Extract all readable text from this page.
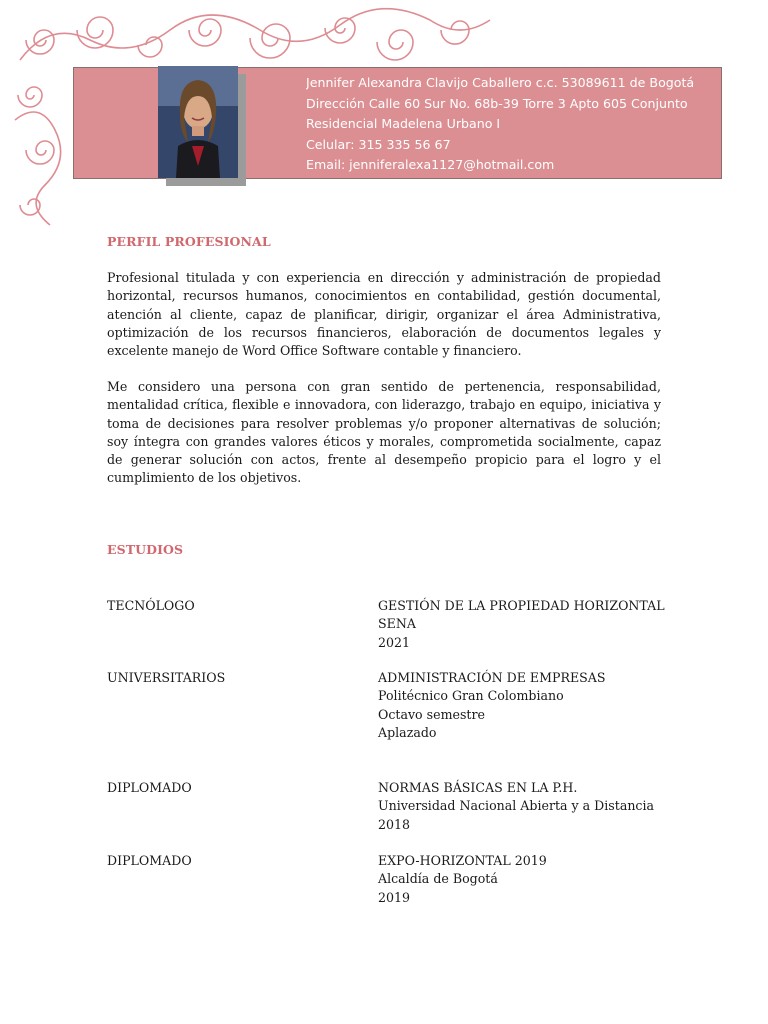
Jennifer Alexandra Clavijo Caballero c.c. 53089611 de Bogotá
Dirección Calle 60 Sur No. 68b-39 Torre 3 Apto 605 Conjunto
Residencial Madelena Urbano I
Celular: 315 335 56 67
Email: jenniferalexa1127@hotmail.com
PERFIL PROFESIONAL
Profesional titulada y con experiencia en dirección y administración de propiedad horizontal, recursos humanos, conocimientos en contabilidad, gestión documental, atención al cliente, capaz de planificar, dirigir, organizar el área Administrativa, optimización de los recursos financieros, elaboración de documentos legales y excelente manejo de Word Office Software contable y financiero.
Me considero una persona con gran sentido de pertenencia, responsabilidad, mentalidad crítica, flexible e innovadora, con liderazgo, trabajo en equipo, iniciativa y toma de decisiones para resolver problemas y/o proponer alternativas de solución; soy íntegra con grandes valores éticos y morales, comprometida socialmente, capaz de generar solución con actos, frente al desempeño propicio para el logro y el cumplimiento de los objetivos.
ESTUDIOS
TECNÓLOGO	GESTIÓN DE LA PROPIEDAD HORIZONTAL
SENA
2021
UNIVERSITARIOS	ADMINISTRACIÓN DE EMPRESAS
Politécnico Gran Colombiano
Octavo semestre
Aplazado
DIPLOMADO	NORMAS BÁSICAS EN LA P.H.
Universidad Nacional Abierta y a Distancia
2018
DIPLOMADO	EXPO-HORIZONTAL 2019
Alcaldía de Bogotá
2019
